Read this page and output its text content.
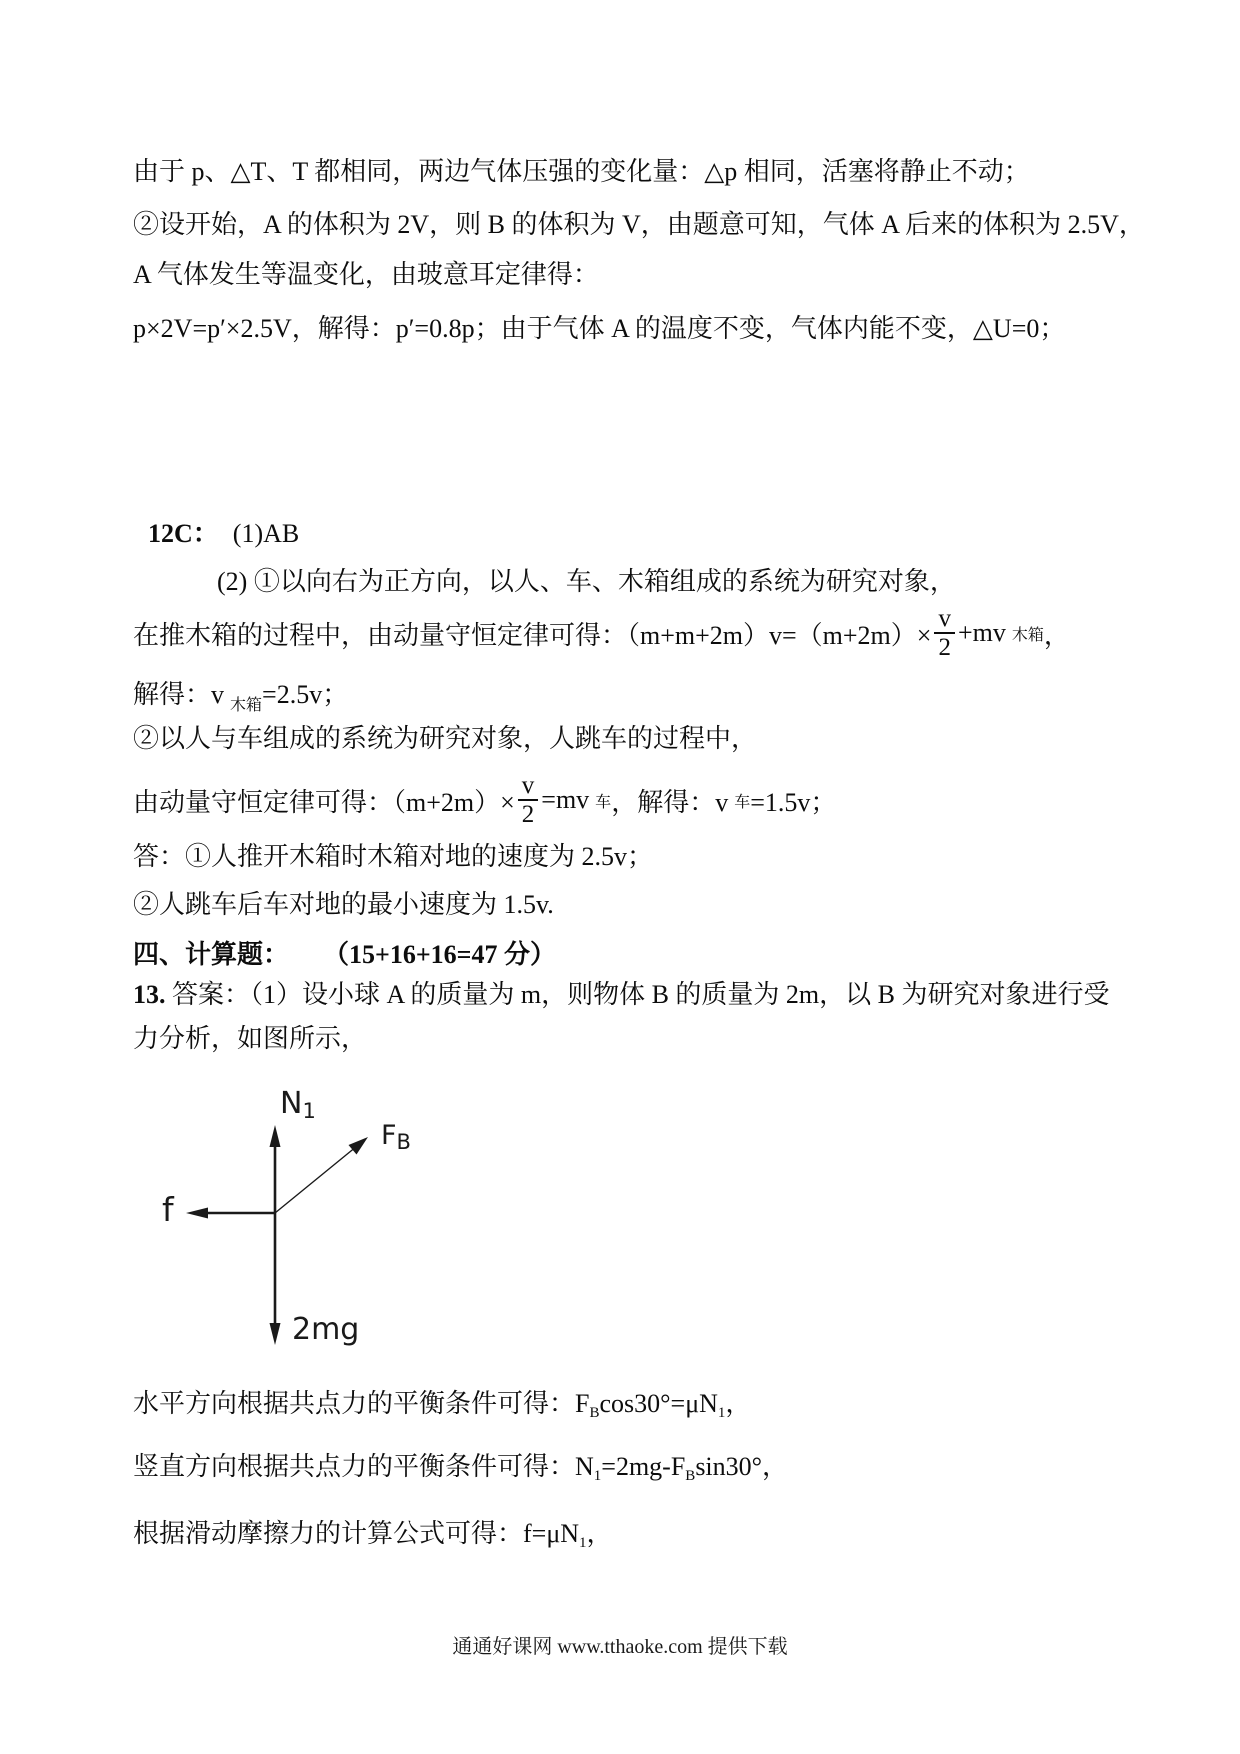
由于 p、△T、T 都相同，两边气体压强的变化量：△p 相同，活塞将静止不动；
②设开始，A 的体积为 2V，则 B 的体积为 V，由题意可知，气体 A 后来的体积为 2.5V，
A 气体发生等温变化，由玻意耳定律得：
p×2V=p′×2.5V，解得：p′=0.8p；由于气体 A 的温度不变，气体内能不变，△U=0；
12C： (1)AB
(2) ①以向右为正方向，以人、车、木箱组成的系统为研究对象，
在推木箱的过程中，由动量守恒定律可得：$(m+m+2m)v=(m+2m)\times \frac{v}{2} +mv$ 木箱 ，
解得：v $_{木箱}$=2.5v；
②以人与车组成的系统为研究对象，人跳车的过程中，
由动量守恒定律可得：$(m+2m)\times \frac{v}{2} =mv$ 车 ，解得：v 车 =1.5v；
答：①人推开木箱时木箱对地的速度为 2.5v；
②人跳车后车对地的最小速度为 1.5v.
四、计算题： （15+16+16=47 分）
13. 答案：（1）设小球 A 的质量为 m，则物体 B 的质量为 2m，以 B 为研究对象进行受
力分析，如图所示，
N1
FB
f
2mg
水平方向根据共点力的平衡条件可得：FBcos30°=μN1，
竖直方向根据共点力的平衡条件可得：N1=2mg-FBsin30°，
根据滑动摩擦力的计算公式可得：f=μN1，
通通好课网 www.tthaoke.com 提供下载
